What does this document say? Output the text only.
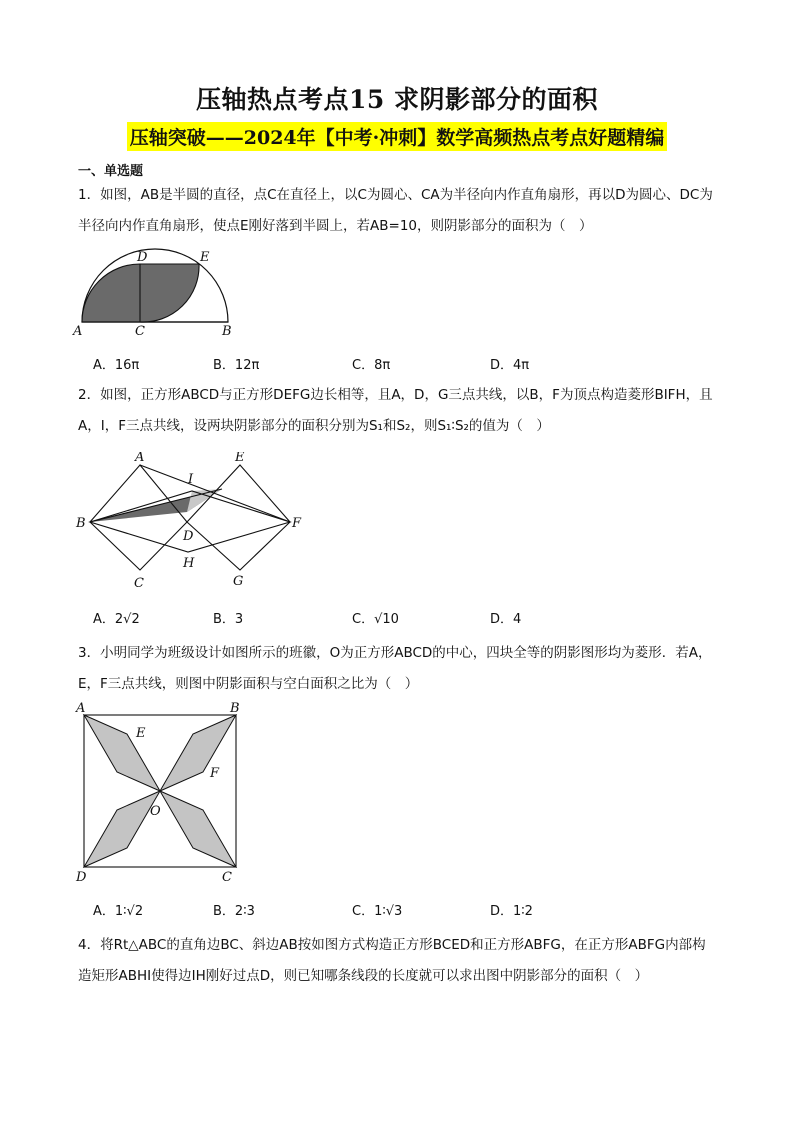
压轴热点考点15 求阴影部分的面积
压轴突破——2024年【中考·冲刺】数学高频热点考点好题精编
一、单选题
1．如图，AB是半圆的直径，点C在直径上，以C为圆心、CA为半径向内作直角扇形，再以D为圆心、DC为半径向内作直角扇形，使点E刚好落到半圆上，若AB=10，则阴影部分的面积为（　）
A	B
C
D	E
A．16π	B．12π	C．8π	D．4π
2．如图，正方形ABCD与正方形DEFG边长相等，且A，D，G三点共线，以B，F为顶点构造菱形BIFH，且A，I，F三点共线，设两块阴影部分的面积分别为S₁和S₂，则S₁∶S₂的值为（　）
A	E
I
B	F
D
H
C	G
A．2√2	B．3	C．√10	D．4
3．小明同学为班级设计如图所示的班徽，O为正方形ABCD的中心，四块全等的阴影图形均为菱形．若A，E，F三点共线，则图中阴影面积与空白面积之比为（　）
A	B
E
F
O
D	C
A．1∶√2	B．2∶3	C．1∶√3	D．1∶2
4．将Rt△ABC的直角边BC、斜边AB按如图方式构造正方形BCED和正方形ABFG，在正方形ABFG内部构造矩形ABHI使得边IH刚好过点D，则已知哪条线段的长度就可以求出图中阴影部分的面积（　）
